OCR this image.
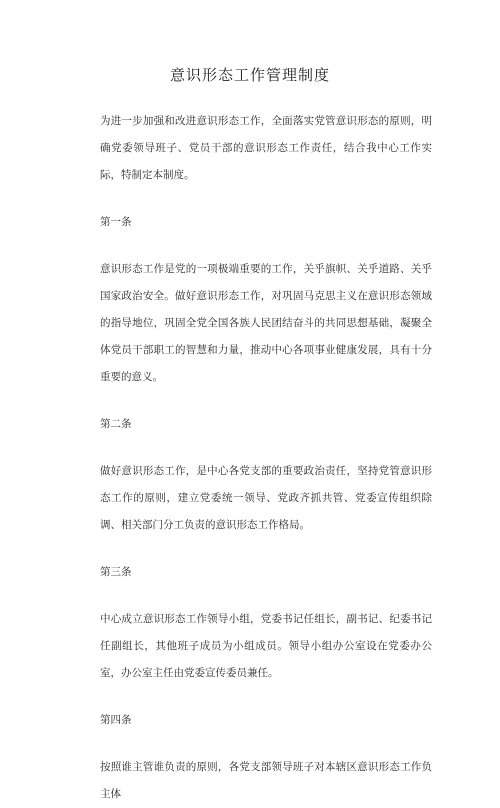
意识形态工作管理制度

为进一步加强和改进意识形态工作，全面落实党管意识形态的原则，明确党委领导班子、党员干部的意识形态工作责任，结合我中心工作实际，特制定本制度。

第一条

意识形态工作是党的一项极端重要的工作，关乎旗帜、关乎道路、关乎国家政治安全。做好意识形态工作，对巩固马克思主义在意识形态领域的指导地位，巩固全党全国各族人民团结奋斗的共同思想基础，凝聚全体党员干部职工的智慧和力量，推动中心各项事业健康发展，具有十分重要的意义。

第二条

做好意识形态工作，是中心各党支部的重要政治责任，坚持党管意识形态工作的原则，建立党委统一领导、党政齐抓共管、党委宣传组织除调、相关部门分工负责的意识形态工作格局。

第三条

中心成立意识形态工作领导小组，党委书记任组长，副书记、纪委书记任副组长，其他班子成员为小组成员。领导小组办公室设在党委办公室，办公室主任由党委宣传委员兼任。

第四条

按照谁主管谁负责的原则，各党支部领导班子对本辖区意识形态工作负主体
